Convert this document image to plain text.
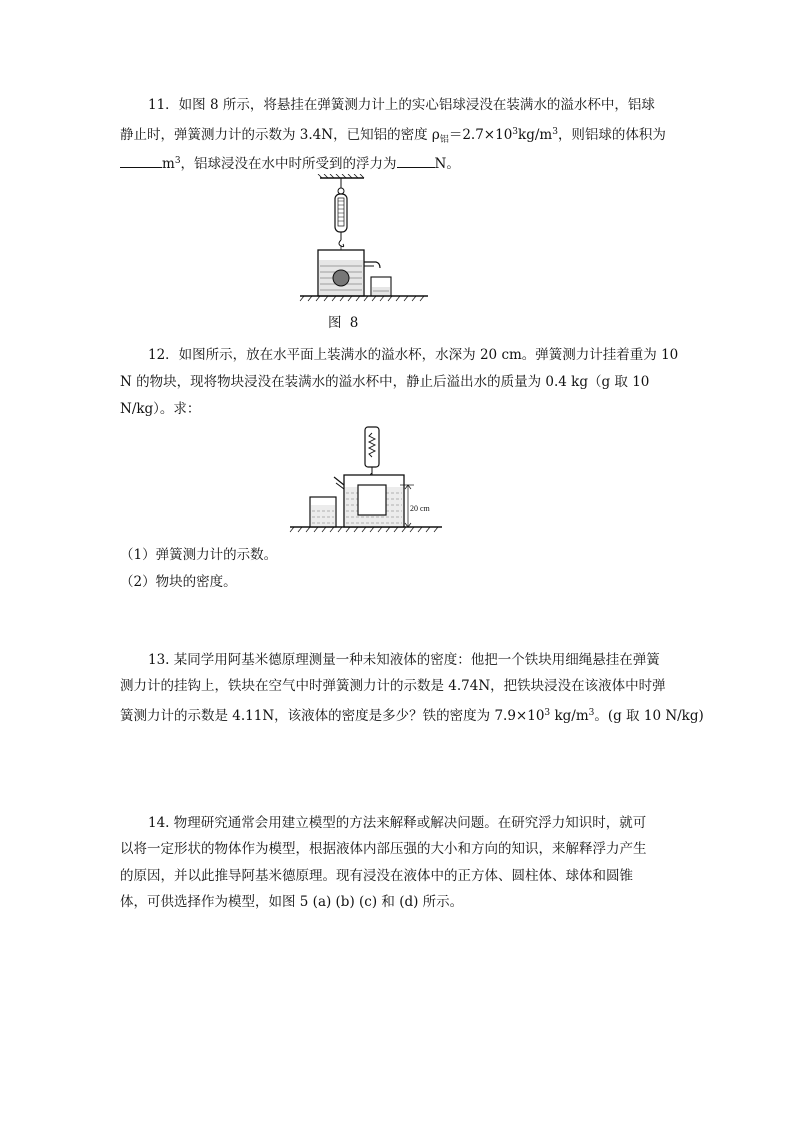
11．如图 8 所示，将悬挂在弹簧测力计上的实心铝球浸没在装满水的溢水杯中，铝球
静止时，弹簧测力计的示数为 3.4N，已知铝的密度 $\rho_铝=2.7\times 10^3kg/m^3$，则铝球的体积为
$m^3$，铝球浸没在水中时所受到的浮力为	N。
图 8
12．如图所示，放在水平面上装满水的溢水杯，水深为 20 cm。弹簧测力计挂着重为 10
N 的物块，现将物块浸没在装满水的溢水杯中，静止后溢出水的质量为 0.4 kg（g 取 10
N/kg）。求：
20 cm
（1）弹簧测力计的示数。
（2）物块的密度。
13. 某同学用阿基米德原理测量一种未知液体的密度：他把一个铁块用细绳悬挂在弹簧
测力计的挂钩上，铁块在空气中时弹簧测力计的示数是 4.74N，把铁块浸没在该液体中时弹
簧测力计的示数是 4.11N，该液体的密度是多少？铁的密度为 $7.9\times 10^3$ $kg/m^3$。(g 取 10 N/kg)
14. 物理研究通常会用建立模型的方法来解释或解决问题。在研究浮力知识时，就可
以将一定形状的物体作为模型，根据液体内部压强的大小和方向的知识，来解释浮力产生
的原因，并以此推导阿基米德原理。现有浸没在液体中的正方体、圆柱体、球体和圆锥
体，可供选择作为模型，如图 5 (a) (b) (c) 和 (d) 所示。
